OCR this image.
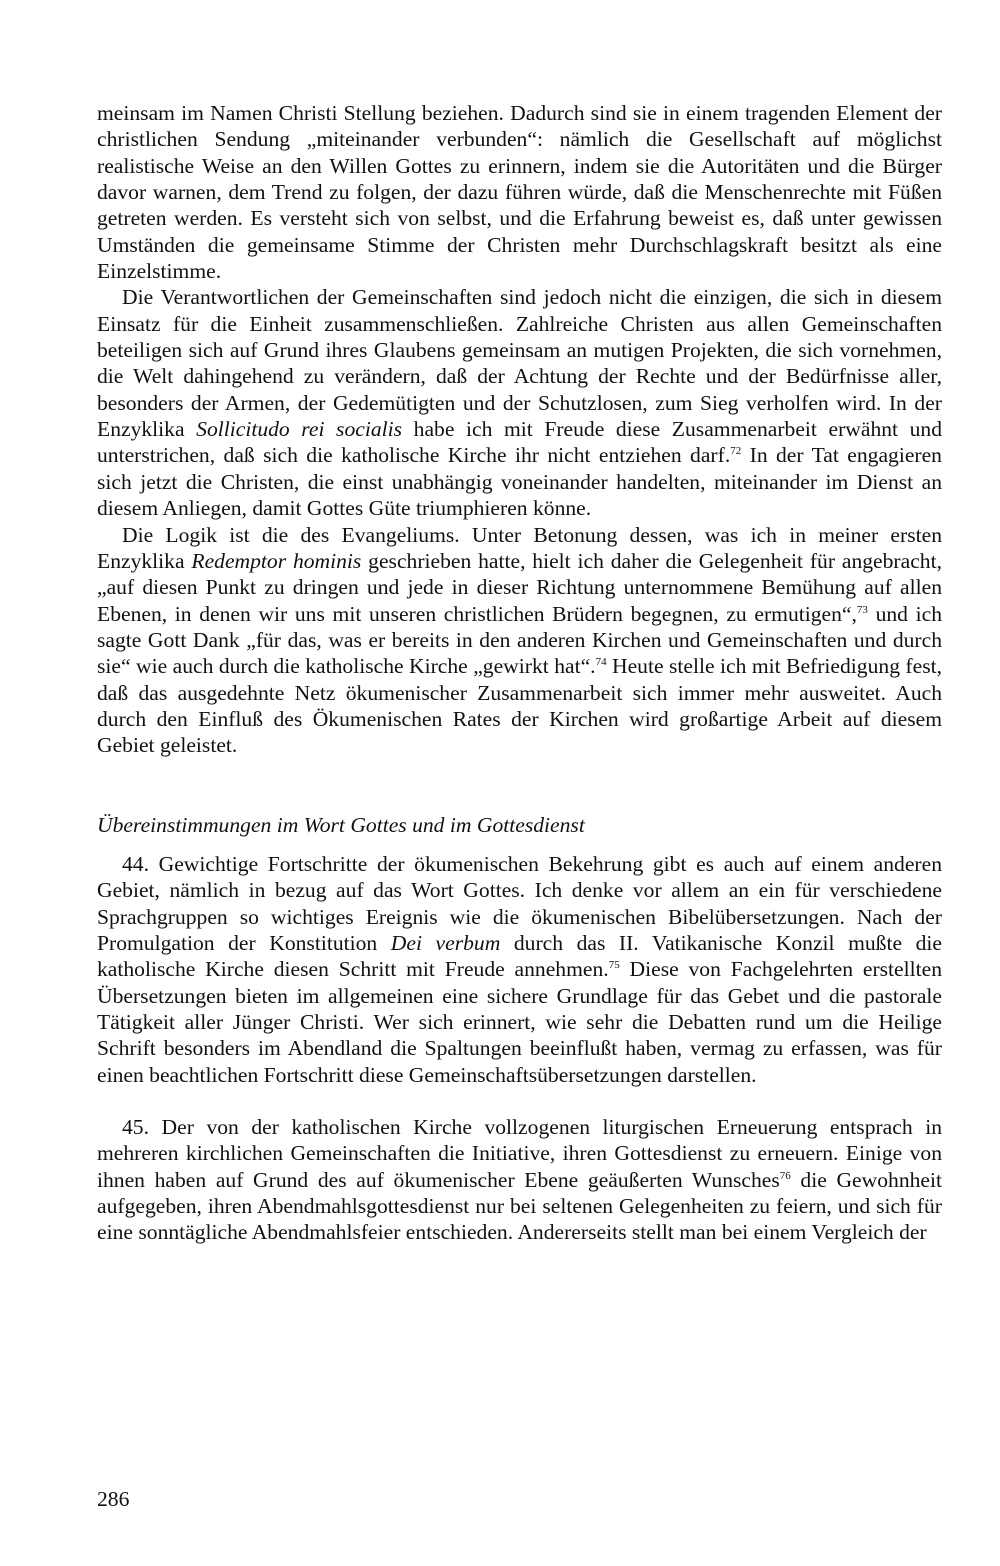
meinsam im Namen Christi Stellung beziehen. Dadurch sind sie in einem tragenden Element der christlichen Sendung „miteinander verbunden“: nämlich die Gesellschaft auf möglichst realistische Weise an den Willen Gottes zu erinnern, indem sie die Autoritäten und die Bürger davor warnen, dem Trend zu folgen, der dazu führen würde, daß die Menschenrechte mit Füßen getreten werden. Es versteht sich von selbst, und die Erfahrung beweist es, daß unter gewissen Umständen die gemeinsame Stimme der Christen mehr Durchschlagskraft besitzt als eine Einzelstimme.

Die Verantwortlichen der Gemeinschaften sind jedoch nicht die einzigen, die sich in diesem Einsatz für die Einheit zusammenschließen. Zahlreiche Christen aus allen Gemeinschaften beteiligen sich auf Grund ihres Glaubens gemeinsam an mutigen Projekten, die sich vornehmen, die Welt dahingehend zu verändern, daß der Achtung der Rechte und der Bedürfnisse aller, besonders der Armen, der Gedemütigten und der Schutzlosen, zum Sieg verholfen wird. In der Enzyklika Sollicitudo rei socialis habe ich mit Freude diese Zusammenarbeit erwähnt und unterstrichen, daß sich die katholische Kirche ihr nicht entziehen darf.$^{72}$ In der Tat engagieren sich jetzt die Christen, die einst unabhängig voneinander handelten, miteinander im Dienst an diesem Anliegen, damit Gottes Güte triumphieren könne.

Die Logik ist die des Evangeliums. Unter Betonung dessen, was ich in meiner ersten Enzyklika Redemptor hominis geschrieben hatte, hielt ich daher die Gelegenheit für angebracht, „auf diesen Punkt zu dringen und jede in dieser Richtung unternommene Bemühung auf allen Ebenen, in denen wir uns mit unseren christlichen Brüdern begegnen, zu ermutigen“,$^{73}$ und ich sagte Gott Dank „für das, was er bereits in den anderen Kirchen und Gemeinschaften und durch sie“ wie auch durch die katholische Kirche „gewirkt hat“.$^{74}$ Heute stelle ich mit Befriedigung fest, daß das ausgedehnte Netz ökumenischer Zusammenarbeit sich immer mehr ausweitet. Auch durch den Einfluß des Ökumenischen Rates der Kirchen wird großartige Arbeit auf diesem Gebiet geleistet.

Übereinstimmungen im Wort Gottes und im Gottesdienst

44. Gewichtige Fortschritte der ökumenischen Bekehrung gibt es auch auf einem anderen Gebiet, nämlich in bezug auf das Wort Gottes. Ich denke vor allem an ein für verschiedene Sprachgruppen so wichtiges Ereignis wie die ökumenischen Bibelübersetzungen. Nach der Promulgation der Konstitution Dei verbum durch das II. Vatikanische Konzil mußte die katholische Kirche diesen Schritt mit Freude annehmen.$^{75}$ Diese von Fachgelehrten erstellten Übersetzungen bieten im allgemeinen eine sichere Grundlage für das Gebet und die pastorale Tätigkeit aller Jünger Christi. Wer sich erinnert, wie sehr die Debatten rund um die Heilige Schrift besonders im Abendland die Spaltungen beeinflußt haben, vermag zu erfassen, was für einen beachtlichen Fortschritt diese Gemeinschaftsübersetzungen darstellen.

45. Der von der katholischen Kirche vollzogenen liturgischen Erneuerung entsprach in mehreren kirchlichen Gemeinschaften die Initiative, ihren Gottesdienst zu erneuern. Einige von ihnen haben auf Grund des auf ökumenischer Ebene geäußerten Wunsches$^{76}$ die Gewohnheit aufgegeben, ihren Abendmahlsgottesdienst nur bei seltenen Gelegenheiten zu feiern, und sich für eine sonntägliche Abendmahlsfeier entschieden. Andererseits stellt man bei einem Vergleich der

286
